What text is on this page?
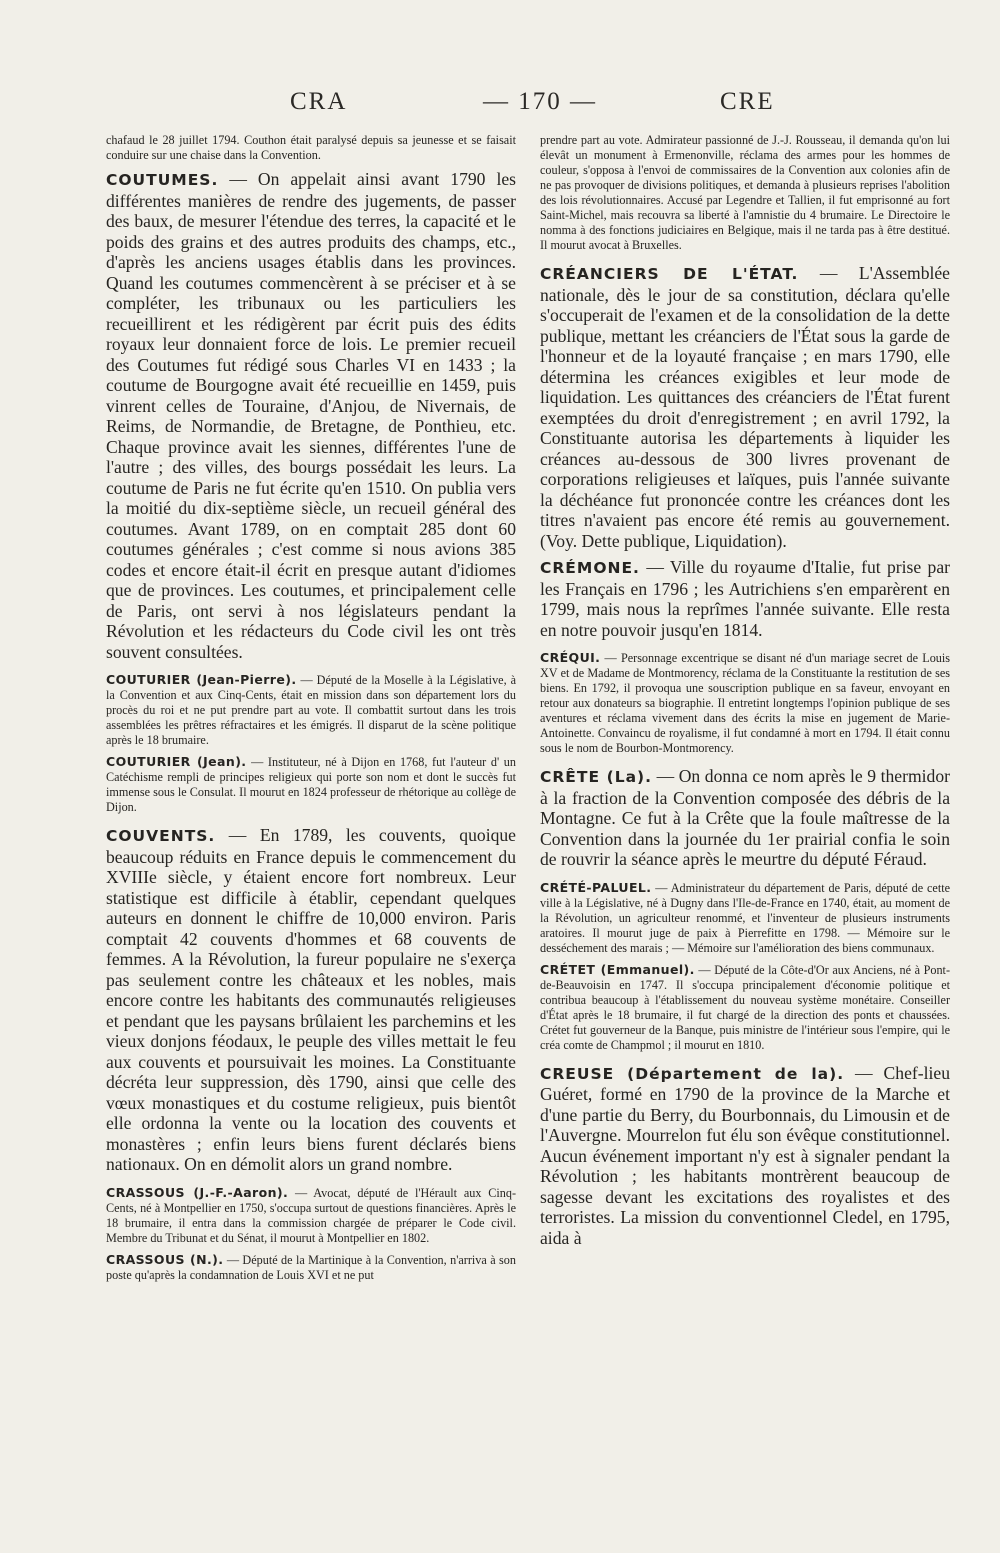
CRA	— 170 —	CRE

chafaud le 28 juillet 1794. Couthon était paralysé depuis sa jeunesse et se faisait conduire sur une chaise dans la Convention.

COUTUMES. — On appelait ainsi avant 1790 les différentes manières de rendre des jugements, de passer des baux, de mesurer l'étendue des terres, la capacité et le poids des grains et des autres produits des champs, etc., d'après les anciens usages établis dans les provinces. Quand les coutumes commencèrent à se préciser et à se compléter, les tribunaux ou les particuliers les recueillirent et les rédigèrent par écrit puis des édits royaux leur donnaient force de lois. Le premier recueil des Coutumes fut rédigé sous Charles VI en 1433 ; la coutume de Bourgogne avait été recueillie en 1459, puis vinrent celles de Touraine, d'Anjou, de Nivernais, de Reims, de Normandie, de Bretagne, de Ponthieu, etc. Chaque province avait les siennes, différentes l'une de l'autre ; des villes, des bourgs possédait les leurs. La coutume de Paris ne fut écrite qu'en 1510. On publia vers la moitié du dix-septième siècle, un recueil général des coutumes. Avant 1789, on en comptait 285 dont 60 coutumes générales ; c'est comme si nous avions 385 codes et encore était-il écrit en presque autant d'idiomes que de provinces. Les coutumes, et principalement celle de Paris, ont servi à nos législateurs pendant la Révolution et les rédacteurs du Code civil les ont très souvent consultées.

COUTURIER (Jean-Pierre). — Député de la Moselle à la Législative, à la Convention et aux Cinq-Cents, était en mission dans son département lors du procès du roi et ne put prendre part au vote. Il combattit surtout dans les trois assemblées les prêtres réfractaires et les émigrés. Il disparut de la scène politique après le 18 brumaire.

COUTURIER (Jean). — Instituteur, né à Dijon en 1768, fut l'auteur d' un Catéchisme rempli de principes religieux qui porte son nom et dont le succès fut immense sous le Consulat. Il mourut en 1824 professeur de rhétorique au collège de Dijon.

COUVENTS. — En 1789, les couvents, quoique beaucoup réduits en France depuis le commencement du XVIIIe siècle, y étaient encore fort nombreux. Leur statistique est difficile à établir, cependant quelques auteurs en donnent le chiffre de 10,000 environ. Paris comptait 42 couvents d'hommes et 68 couvents de femmes. A la Révolution, la fureur populaire ne s'exerça pas seulement contre les châteaux et les nobles, mais encore contre les habitants des communautés religieuses et pendant que les paysans brûlaient les parchemins et les vieux donjons féodaux, le peuple des villes mettait le feu aux couvents et poursuivait les moines. La Constituante décréta leur suppression, dès 1790, ainsi que celle des vœux monastiques et du costume religieux, puis bientôt elle ordonna la vente ou la location des couvents et monastères ; enfin leurs biens furent déclarés biens nationaux. On en démolit alors un grand nombre.

CRASSOUS (J.-F.-Aaron). — Avocat, député de l'Hérault aux Cinq-Cents, né à Montpellier en 1750, s'occupa surtout de questions financières. Après le 18 brumaire, il entra dans la commission chargée de préparer le Code civil. Membre du Tribunat et du Sénat, il mourut à Montpellier en 1802.

CRASSOUS (N.). — Député de la Martinique à la Convention, n'arriva à son poste qu'après la condamnation de Louis XVI et ne put

prendre part au vote. Admirateur passionné de J.-J. Rousseau, il demanda qu'on lui élevât un monument à Ermenonville, réclama des armes pour les hommes de couleur, s'opposa à l'envoi de commissaires de la Convention aux colonies afin de ne pas provoquer de divisions politiques, et demanda à plusieurs reprises l'abolition des lois révolutionnaires. Accusé par Legendre et Tallien, il fut emprisonné au fort Saint-Michel, mais recouvra sa liberté à l'amnistie du 4 brumaire. Le Directoire le nomma à des fonctions judiciaires en Belgique, mais il ne tarda pas à être destitué. Il mourut avocat à Bruxelles.

CRÉANCIERS DE L'ÉTAT. — L'Assemblée nationale, dès le jour de sa constitution, déclara qu'elle s'occuperait de l'examen et de la consolidation de la dette publique, mettant les créanciers de l'État sous la garde de l'honneur et de la loyauté française ; en mars 1790, elle détermina les créances exigibles et leur mode de liquidation. Les quittances des créanciers de l'État furent exemptées du droit d'enregistrement ; en avril 1792, la Constituante autorisa les départements à liquider les créances au-dessous de 300 livres provenant de corporations religieuses et laïques, puis l'année suivante la déchéance fut prononcée contre les créances dont les titres n'avaient pas encore été remis au gouvernement. (Voy. Dette publique, Liquidation).

CRÉMONE. — Ville du royaume d'Italie, fut prise par les Français en 1796 ; les Autrichiens s'en emparèrent en 1799, mais nous la reprîmes l'année suivante. Elle resta en notre pouvoir jusqu'en 1814.

CRÉQUI. — Personnage excentrique se disant né d'un mariage secret de Louis XV et de Madame de Montmorency, réclama de la Constituante la restitution de ses biens. En 1792, il provoqua une souscription publique en sa faveur, envoyant en retour aux donateurs sa biographie. Il entretint longtemps l'opinion publique de ses aventures et réclama vivement dans des écrits la mise en jugement de Marie-Antoinette. Convaincu de royalisme, il fut condamné à mort en 1794. Il était connu sous le nom de Bourbon-Montmorency.

CRÊTE (La). — On donna ce nom après le 9 thermidor à la fraction de la Convention composée des débris de la Montagne. Ce fut à la Crête que la foule maîtresse de la Convention dans la journée du 1er prairial confia le soin de rouvrir la séance après le meurtre du député Féraud.

CRÉTÉ-PALUEL. — Administrateur du département de Paris, député de cette ville à la Législative, né à Dugny dans l'Ile-de-France en 1740, était, au moment de la Révolution, un agriculteur renommé, et l'inventeur de plusieurs instruments aratoires. Il mourut juge de paix à Pierrefitte en 1798. — Mémoire sur le desséchement des marais ; — Mémoire sur l'amélioration des biens communaux.

CRÉTET (Emmanuel). — Député de la Côte-d'Or aux Anciens, né à Pont-de-Beauvoisin en 1747. Il s'occupa principalement d'économie politique et contribua beaucoup à l'établissement du nouveau système monétaire. Conseiller d'État après le 18 brumaire, il fut chargé de la direction des ponts et chaussées. Crétet fut gouverneur de la Banque, puis ministre de l'intérieur sous l'empire, qui le créa comte de Champmol ; il mourut en 1810.

CREUSE (Département de la). — Chef-lieu Guéret, formé en 1790 de la province de la Marche et d'une partie du Berry, du Bourbonnais, du Limousin et de l'Auvergne. Mourrelon fut élu son évêque constitutionnel. Aucun événement important n'y est à signaler pendant la Révolution ; les habitants montrèrent beaucoup de sagesse devant les excitations des royalistes et des terroristes. La mission du conventionnel Cledel, en 1795, aida à
